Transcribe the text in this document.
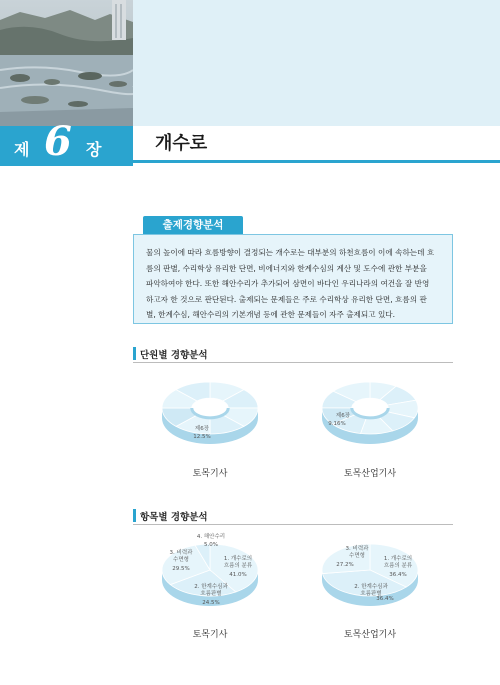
제 6 장	개수로
출제경향분석
물의 높이에 따라 흐름방향이 결정되는 개수로는 대부분의 하천흐름이 이에 속하는데 흐
름의 판별, 수리학상 유리한 단면, 비에너지와 한계수심의 계산 및 도수에 관한 부분을
파악하여야 한다. 또한 해안수리가 추가되어 삼면이 바다인 우리나라의 여건을 잘 반영
하고자 한 것으로 판단된다. 출제되는 문제들은 주로 수리학상 유리한 단면, 흐름의 판
별, 한계수심, 해안수리의 기본개념 등에 관한 문제들이 자주 출제되고 있다.
단원별 경향분석
항목별 경향분석
제6장
12.5%
제6장
9.16%
1. 개수로의
흐름의 분류
41.0%
2. 한계수심과
흐름판별
24.5%
3. 비력과
수면형
29.5%
4. 해안수리
5.0%
1. 개수로의
흐름의 분류
36.4%
2. 한계수심과
흐름판별
36.4%
3. 비력과
수면형
27.2%
토목기사	토목산업기사
토목기사	토목산업기사
